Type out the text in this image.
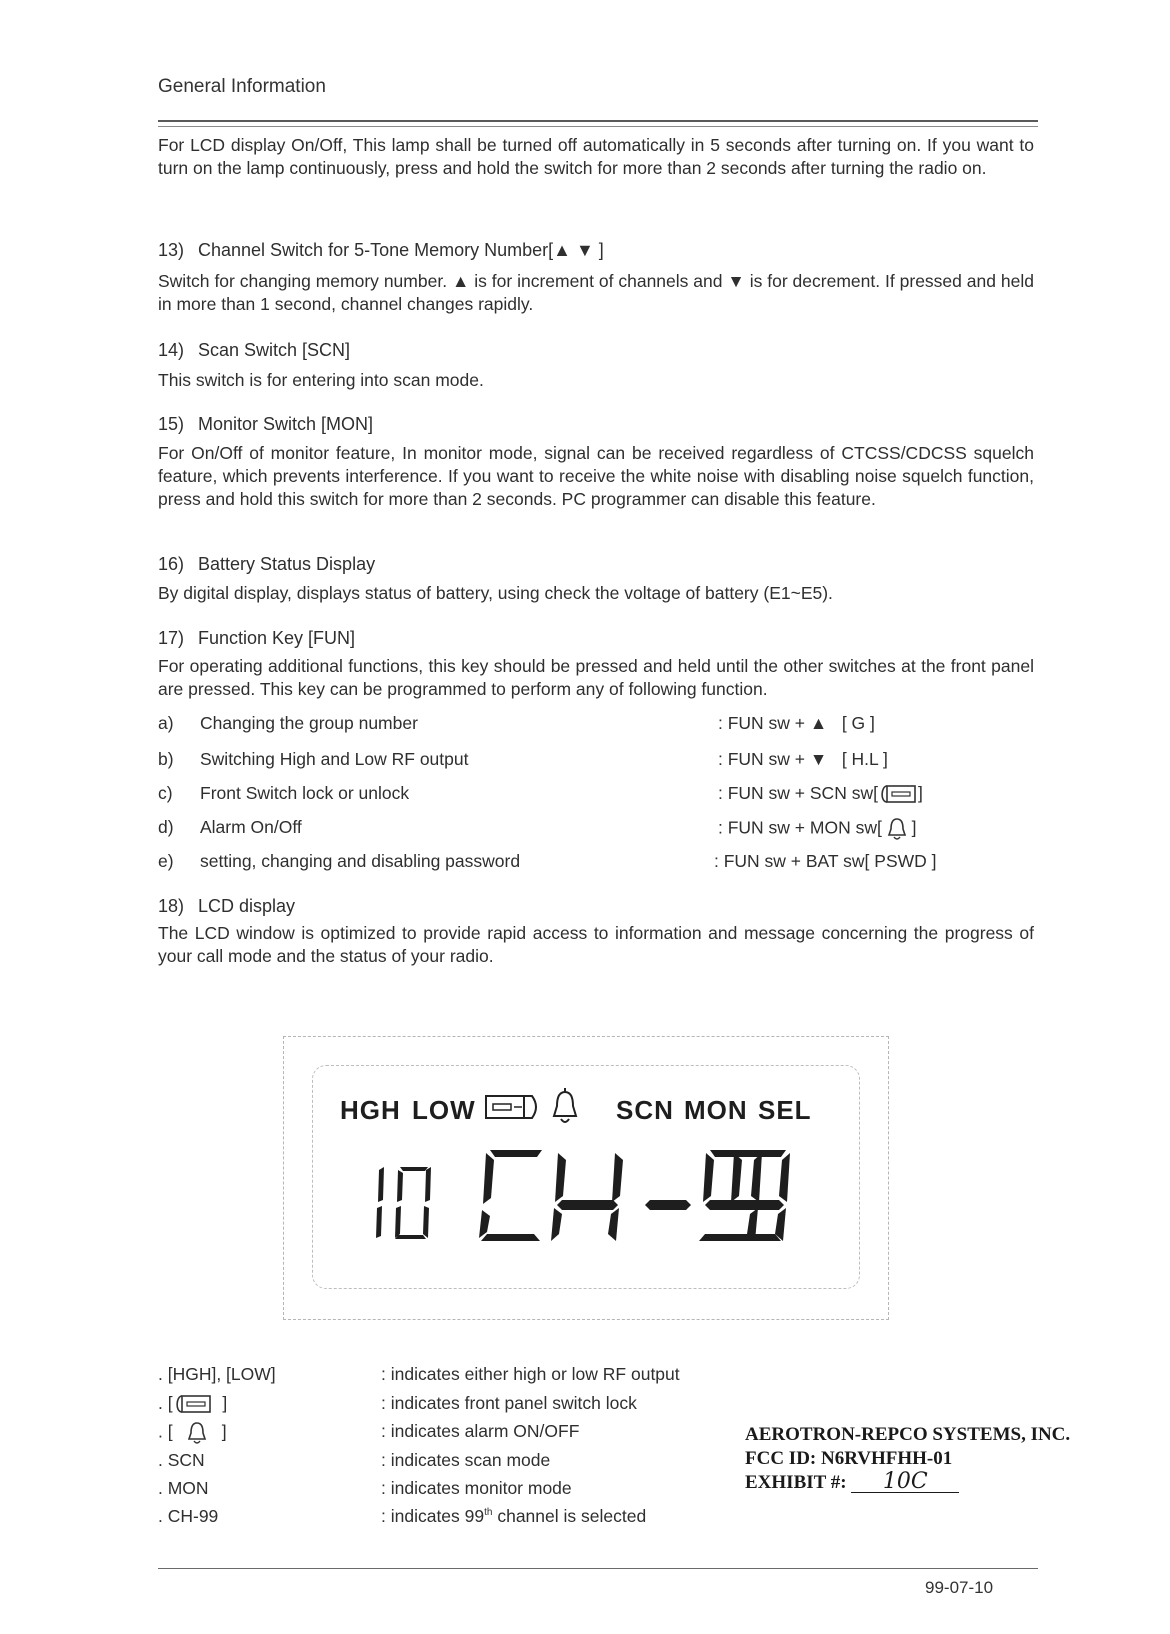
General Information
For LCD display On/Off, This lamp shall be turned off automatically in 5 seconds after turning on. If you want to turn on the lamp continuously, press and hold the switch for more than 2 seconds after turning the radio on.
13) Channel Switch for 5-Tone Memory Number[▲ ▼ ]
Switch for changing memory number. ▲ is for increment of channels and ▼ is for decrement. If pressed and held in more than 1 second, channel changes rapidly.
14) Scan Switch [SCN]
This switch is for entering into scan mode.
15) Monitor Switch [MON]
For On/Off of monitor feature, In monitor mode, signal can be received regardless of CTCSS/CDCSS squelch feature, which prevents interference. If you want to receive the white noise with disabling noise squelch function, press and hold this switch for more than 2 seconds. PC programmer can disable this feature.
16) Battery Status Display
By digital display, displays status of battery, using check the voltage of battery (E1~E5).
17) Function Key [FUN]
For operating additional functions, this key should be pressed and held until the other switches at the front panel are pressed. This key can be programmed to perform any of following function.
a) Changing the group number	: FUN sw + ▲ [ G ]
b) Switching High and Low RF output	: FUN sw + ▼ [ H.L ]
c) Front Switch lock or unlock	: FUN sw + SCN sw[ ]
d) Alarm On/Off	: FUN sw + MON sw[ ]
e) setting, changing and disabling password	: FUN sw + BAT sw[ PSWD ]
18) LCD display
The LCD window is optimized to provide rapid access to information and message concerning the progress of your call mode and the status of your radio.
HGH LOW	SCN MON SEL
. [HGH], [LOW]	: indicates either high or low RF output
. [	]	: indicates front panel switch lock
. [	]	: indicates alarm ON/OFF
. SCN	: indicates scan mode
. MON	: indicates monitor mode
. CH-99	: indicates 99th channel is selected
AEROTRON-REPCO SYSTEMS, INC.
FCC ID: N6RVHFHH-01
EXHIBIT #: 10C
99-07-10
